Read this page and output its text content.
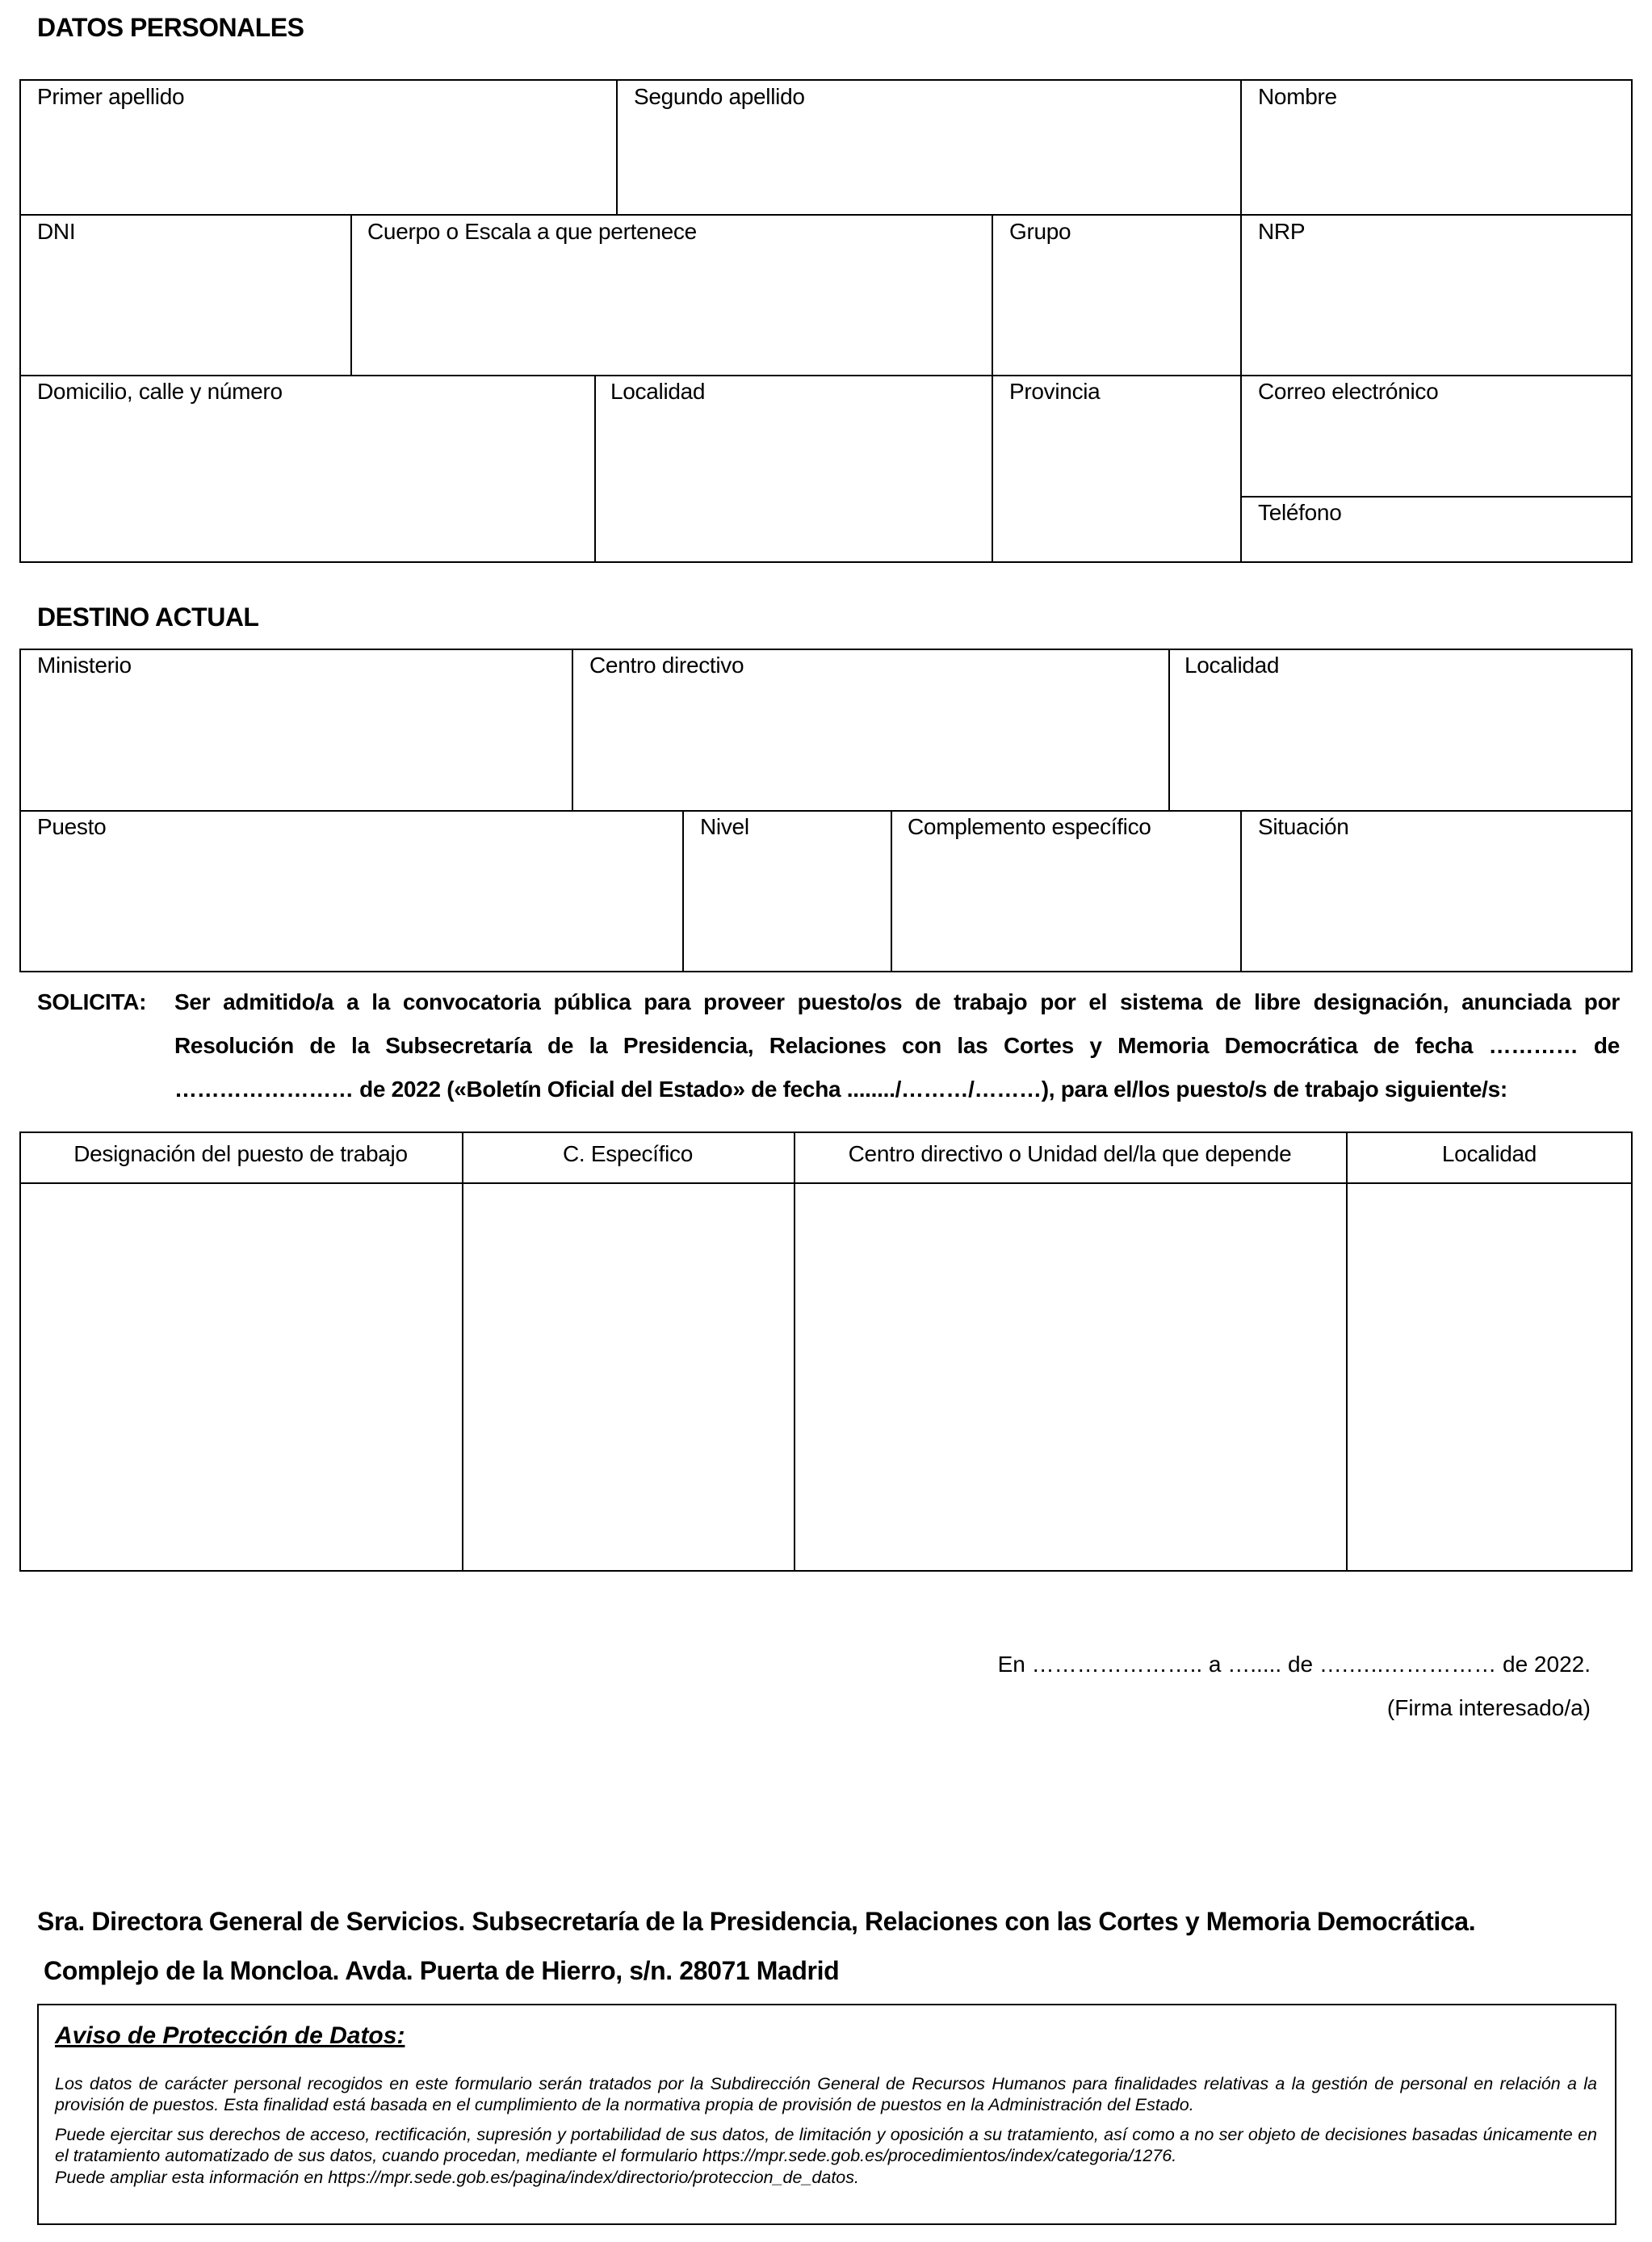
DATOS PERSONALES
Primer apellido	Segundo apellido	Nombre
DNI	Cuerpo o Escala a que pertenece	Grupo	NRP
Domicilio, calle y número	Localidad	Provincia	Correo electrónico
Teléfono
DESTINO ACTUAL
Ministerio	Centro directivo	Localidad
Puesto	Nivel	Complemento específico	Situación
SOLICITA:	Ser admitido/a a la convocatoria pública para proveer puesto/os de trabajo por el sistema de libre designación, anunciada por Resolución de la Subsecretaría de la Presidencia, Relaciones con las Cortes y Memoria Democrática de fecha ………… de …………………… de 2022 («Boletín Oficial del Estado» de fecha ......../………/………), para el/los puesto/s de trabajo siguiente/s:
Designación del puesto de trabajo	C. Específico	Centro directivo o Unidad del/la que depende	Localidad
En ………………….. a …..... de ….…..…………… de 2022.
(Firma interesado/a)
Sra. Directora General de Servicios. Subsecretaría de la Presidencia, Relaciones con las Cortes y Memoria Democrática.
Complejo de la Moncloa. Avda. Puerta de Hierro, s/n. 28071 Madrid
Aviso de Protección de Datos:
Los datos de carácter personal recogidos en este formulario serán tratados por la Subdirección General de Recursos Humanos para finalidades relativas a la gestión de personal en relación a la provisión de puestos. Esta finalidad está basada en el cumplimiento de la normativa propia de provisión de puestos en la Administración del Estado.
Puede ejercitar sus derechos de acceso, rectificación, supresión y portabilidad de sus datos, de limitación y oposición a su tratamiento, así como a no ser objeto de decisiones basadas únicamente en el tratamiento automatizado de sus datos, cuando procedan, mediante el formulario https://mpr.sede.gob.es/procedimientos/index/categoria/1276.
Puede ampliar esta información en https://mpr.sede.gob.es/pagina/index/directorio/proteccion_de_datos.
